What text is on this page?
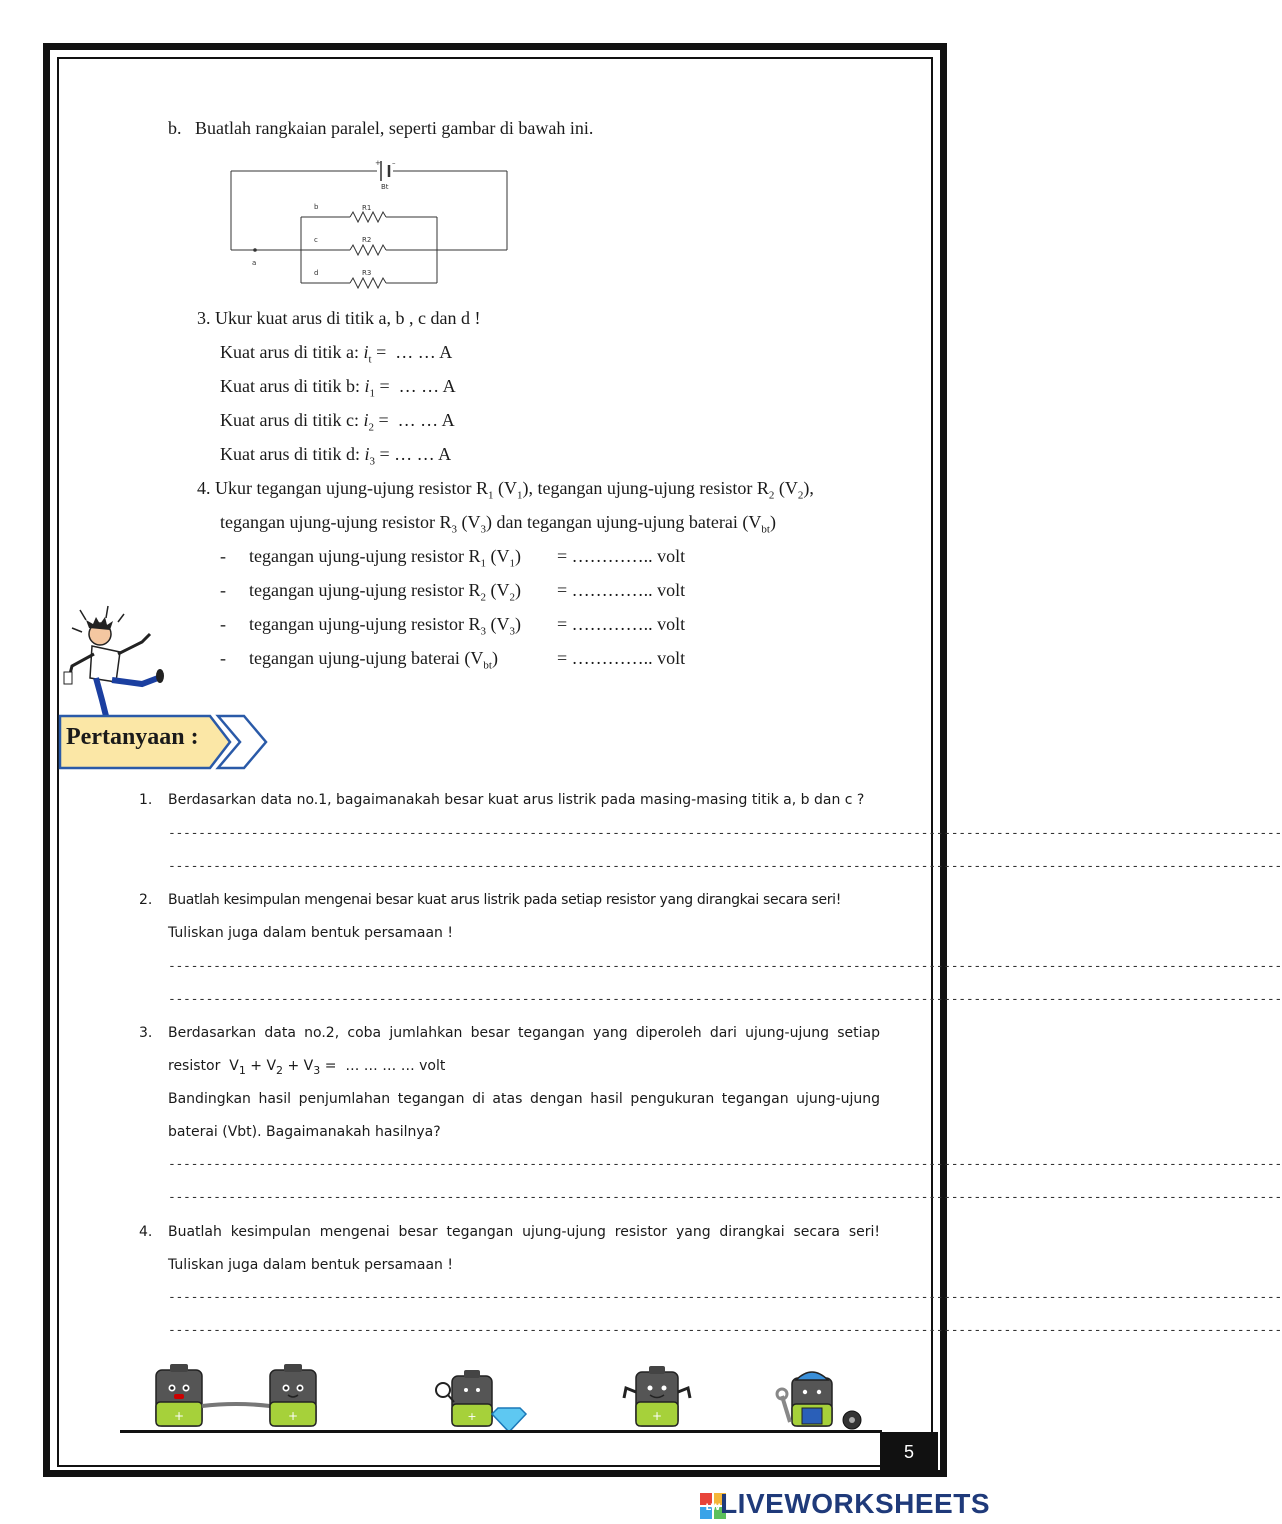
b.   Buatlah rangkaian paralel, seperti gambar di bawah ini.
+ –
Bt
R1
R2
R3
a
b
c
d
3. Ukur kuat arus di titik a, b , c dan d !
Kuat arus di titik a: $i_t$ =  … … A
Kuat arus di titik b: $i_1$ =  … … A
Kuat arus di titik c: $i_2$ =  … … A
Kuat arus di titik d: $i_3$ = … … A
4. Ukur tegangan ujung-ujung resistor $R_1$ $(V_1)$, tegangan ujung-ujung resistor $R_2$ $(V_2)$,
tegangan ujung-ujung resistor $R_3$ $(V_3)$ dan tegangan ujung-ujung baterai $(V_{bt})$
- tegangan ujung-ujung resistor $R_1$ $(V_1)$ = ………….. volt
- tegangan ujung-ujung resistor $R_2$ $(V_2)$ = ………….. volt
- tegangan ujung-ujung resistor $R_3$ $(V_3)$ = ………….. volt
- tegangan ujung-ujung baterai $(V_{bt})$	= ………….. volt
Pertanyaan :
1. Berdasarkan data no.1, bagaimanakah besar kuat arus listrik pada masing-masing titik a, b dan c ?
----------------------------------------------------------------------------------------------------------------------------------------------------
----------------------------------------------------------------------------------------------------------------------------------------------------
2. Buatlah kesimpulan mengenai besar kuat arus listrik pada setiap resistor yang dirangkai secara seri!
Tuliskan juga dalam bentuk persamaan !
----------------------------------------------------------------------------------------------------------------------------------------------------
----------------------------------------------------------------------------------------------------------------------------------------------------
3. Berdasarkan data no.2, coba jumlahkan besar tegangan yang diperoleh dari ujung-ujung setiap
resistor  $V_1 + V_2 + V_3$ =  … … … … volt
Bandingkan hasil penjumlahan tegangan di atas dengan hasil pengukuran tegangan ujung-ujung
baterai (Vbt). Bagaimanakah hasilnya?
----------------------------------------------------------------------------------------------------------------------------------------------------
----------------------------------------------------------------------------------------------------------------------------------------------------
4. Buatlah kesimpulan mengenai besar tegangan ujung-ujung resistor yang dirangkai secara seri!
Tuliskan juga dalam bentuk persamaan !
----------------------------------------------------------------------------------------------------------------------------------------------------
----------------------------------------------------------------------------------------------------------------------------------------------------
+	+	+	+
5
LW LIVEWORKSHEETS
